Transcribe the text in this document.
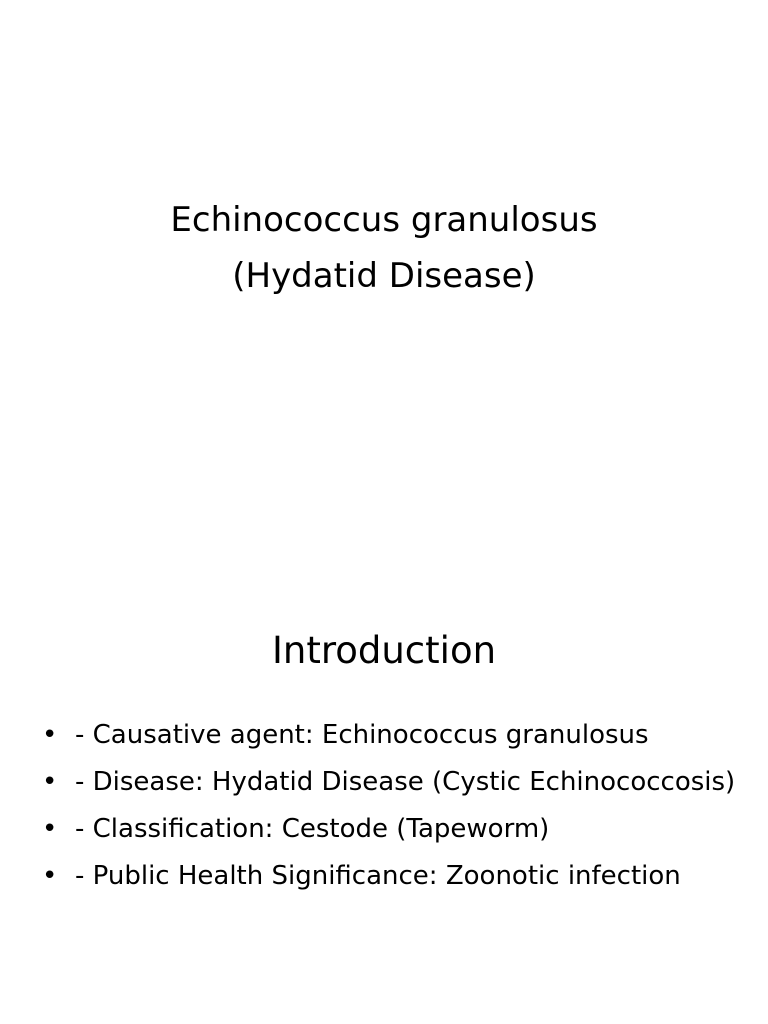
Echinococcus granulosus
(Hydatid Disease)
Introduction
• - Causative agent: Echinococcus granulosus
• - Disease: Hydatid Disease (Cystic Echinococcosis)
• - Classification: Cestode (Tapeworm)
• - Public Health Significance: Zoonotic infection
